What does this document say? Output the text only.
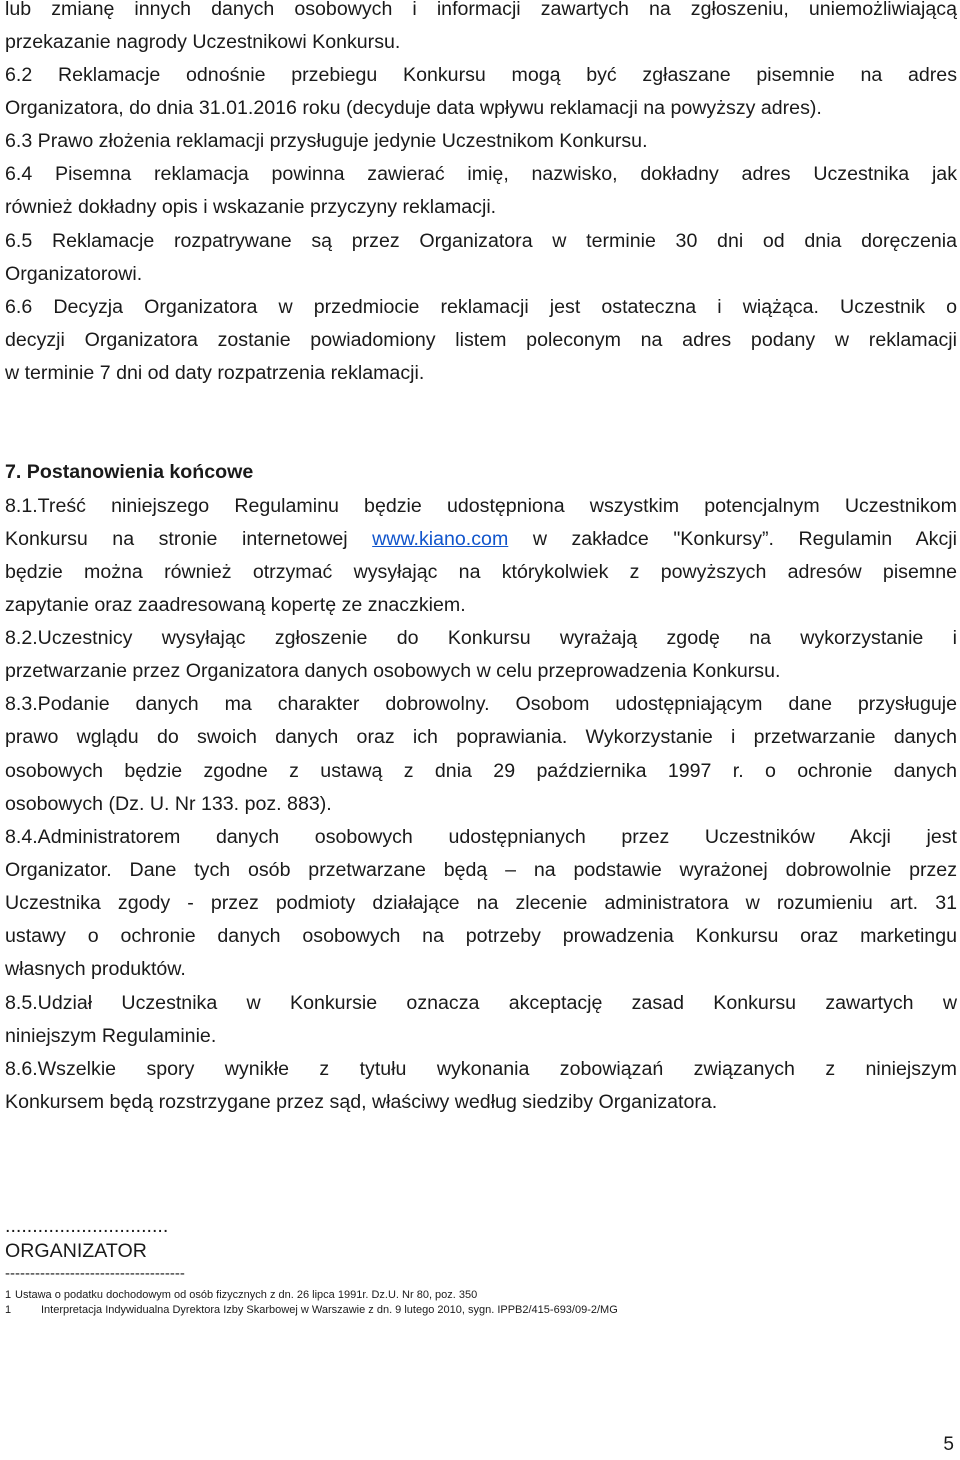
lub zmianę innych danych osobowych i informacji zawartych na zgłoszeniu, uniemożliwiającą
przekazanie nagrody Uczestnikowi Konkursu.
6.2 Reklamacje odnośnie przebiegu Konkursu mogą być zgłaszane pisemnie na adres
Organizatora, do dnia 31.01.2016 roku (decyduje data wpływu reklamacji na powyższy adres).
6.3 Prawo złożenia reklamacji przysługuje jedynie Uczestnikom Konkursu.
6.4 Pisemna reklamacja powinna zawierać imię, nazwisko, dokładny adres Uczestnika jak
również dokładny opis i wskazanie przyczyny reklamacji.
6.5 Reklamacje rozpatrywane są przez Organizatora w terminie 30 dni od dnia doręczenia
Organizatorowi.
6.6 Decyzja Organizatora w przedmiocie reklamacji jest ostateczna i wiążąca. Uczestnik o
decyzji Organizatora zostanie powiadomiony listem poleconym na adres podany w reklamacji
w terminie 7 dni od daty rozpatrzenia reklamacji.
7. Postanowienia końcowe
8.1.Treść niniejszego Regulaminu będzie udostępniona wszystkim potencjalnym Uczestnikom
Konkursu na stronie internetowej www.kiano.com w zakładce "Konkursy”. Regulamin Akcji
będzie można również otrzymać wysyłając na którykolwiek z powyższych adresów pisemne
zapytanie oraz zaadresowaną kopertę ze znaczkiem.
8.2.Uczestnicy wysyłając zgłoszenie do Konkursu wyrażają zgodę na wykorzystanie i
przetwarzanie przez Organizatora danych osobowych w celu przeprowadzenia Konkursu.
8.3.Podanie danych ma charakter dobrowolny. Osobom udostępniającym dane przysługuje
prawo wglądu do swoich danych oraz ich poprawiania. Wykorzystanie i przetwarzanie danych
osobowych będzie zgodne z ustawą z dnia 29 października 1997 r. o ochronie danych
osobowych (Dz. U. Nr 133. poz. 883).
8.4.Administratorem danych osobowych udostępnianych przez Uczestników Akcji jest
Organizator. Dane tych osób przetwarzane będą – na podstawie wyrażonej dobrowolnie przez
Uczestnika zgody - przez podmioty działające na zlecenie administratora w rozumieniu art. 31
ustawy o ochronie danych osobowych na potrzeby prowadzenia Konkursu oraz marketingu
własnych produktów.
8.5.Udział Uczestnika w Konkursie oznacza akceptację zasad Konkursu zawartych w
niniejszym Regulaminie.
8.6.Wszelkie spory wynikłe z tytułu wykonania zobowiązań związanych z niniejszym
Konkursem będą rozstrzygane przez sąd, właściwy według siedziby Organizatora.
..............................
ORGANIZATOR
------------------------------------
1 Ustawa o podatku dochodowym od osób fizycznych z dn. 26 lipca 1991r. Dz.U. Nr 80, poz. 350
1	Interpretacja Indywidualna Dyrektora Izby Skarbowej w Warszawie z dn. 9 lutego 2010, sygn. IPPB2/415-693/09-2/MG
5
